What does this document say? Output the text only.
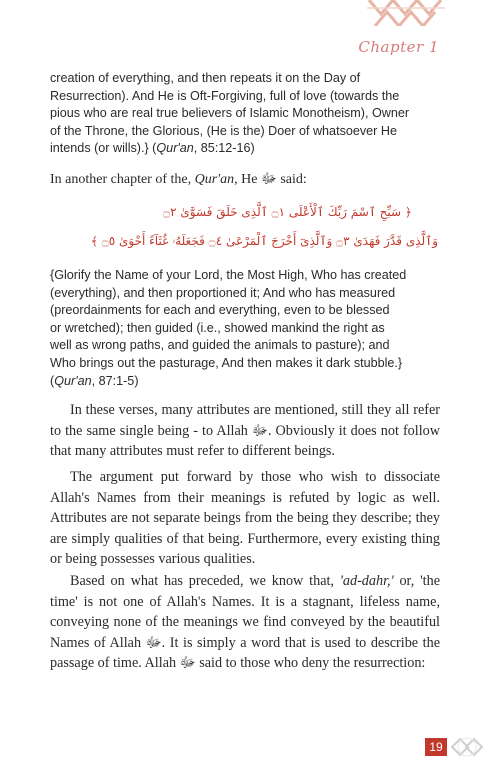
Chapter 1
creation of everything, and then repeats it on the Day of
Resurrection). And He is Oft-Forgiving, full of love (towards the
pious who are real true believers of Islamic Monotheism), Owner
of the Throne, the Glorious, (He is the) Doer of whatsoever He
intends (or wills).} (Qur'an, 85:12-16)

In another chapter of the, Qur'an, He ﷻ said:

﴿ سَبِّحِ ٱسْمَ رَبِّكَ ٱلْأَعْلَى ۝١ ٱلَّذِى خَلَقَ فَسَوَّىٰ ۝٢
وَٱلَّذِى قَدَّرَ فَهَدَىٰ ۝٣ وَٱلَّذِىٓ أَخْرَجَ ٱلْمَرْعَىٰ ۝٤ فَجَعَلَهُۥ غُثَآءً أَحْوَىٰ ۝٥ ﴾
{Glorify the Name of your Lord, the Most High, Who has created
(everything), and then proportioned it; And who has measured
(preordainments for each and everything, even to be blessed
or wretched); then guided (i.e., showed mankind the right as
well as wrong paths, and guided the animals to pasture); and
Who brings out the pasturage, And then makes it dark stubble.}
(Qur'an, 87:1-5)

In these verses, many attributes are mentioned, still they all refer to the same single being - to Allah ﷻ. Obviously it does not follow that many attributes must refer to different beings.

The argument put forward by those who wish to dissociate Allah's Names from their meanings is refuted by logic as well. Attributes are not separate beings from the being they describe; they are simply qualities of that being. Furthermore, every existing thing or being possesses various qualities.

Based on what has preceded, we know that, 'ad-dahr,' or, 'the time' is not one of Allah's Names. It is a stagnant, lifeless name, conveying none of the meanings we find conveyed by the beautiful Names of Allah ﷻ. It is simply a word that is used to describe the passage of time. Allah ﷻ said to those who deny the resurrection:

19
